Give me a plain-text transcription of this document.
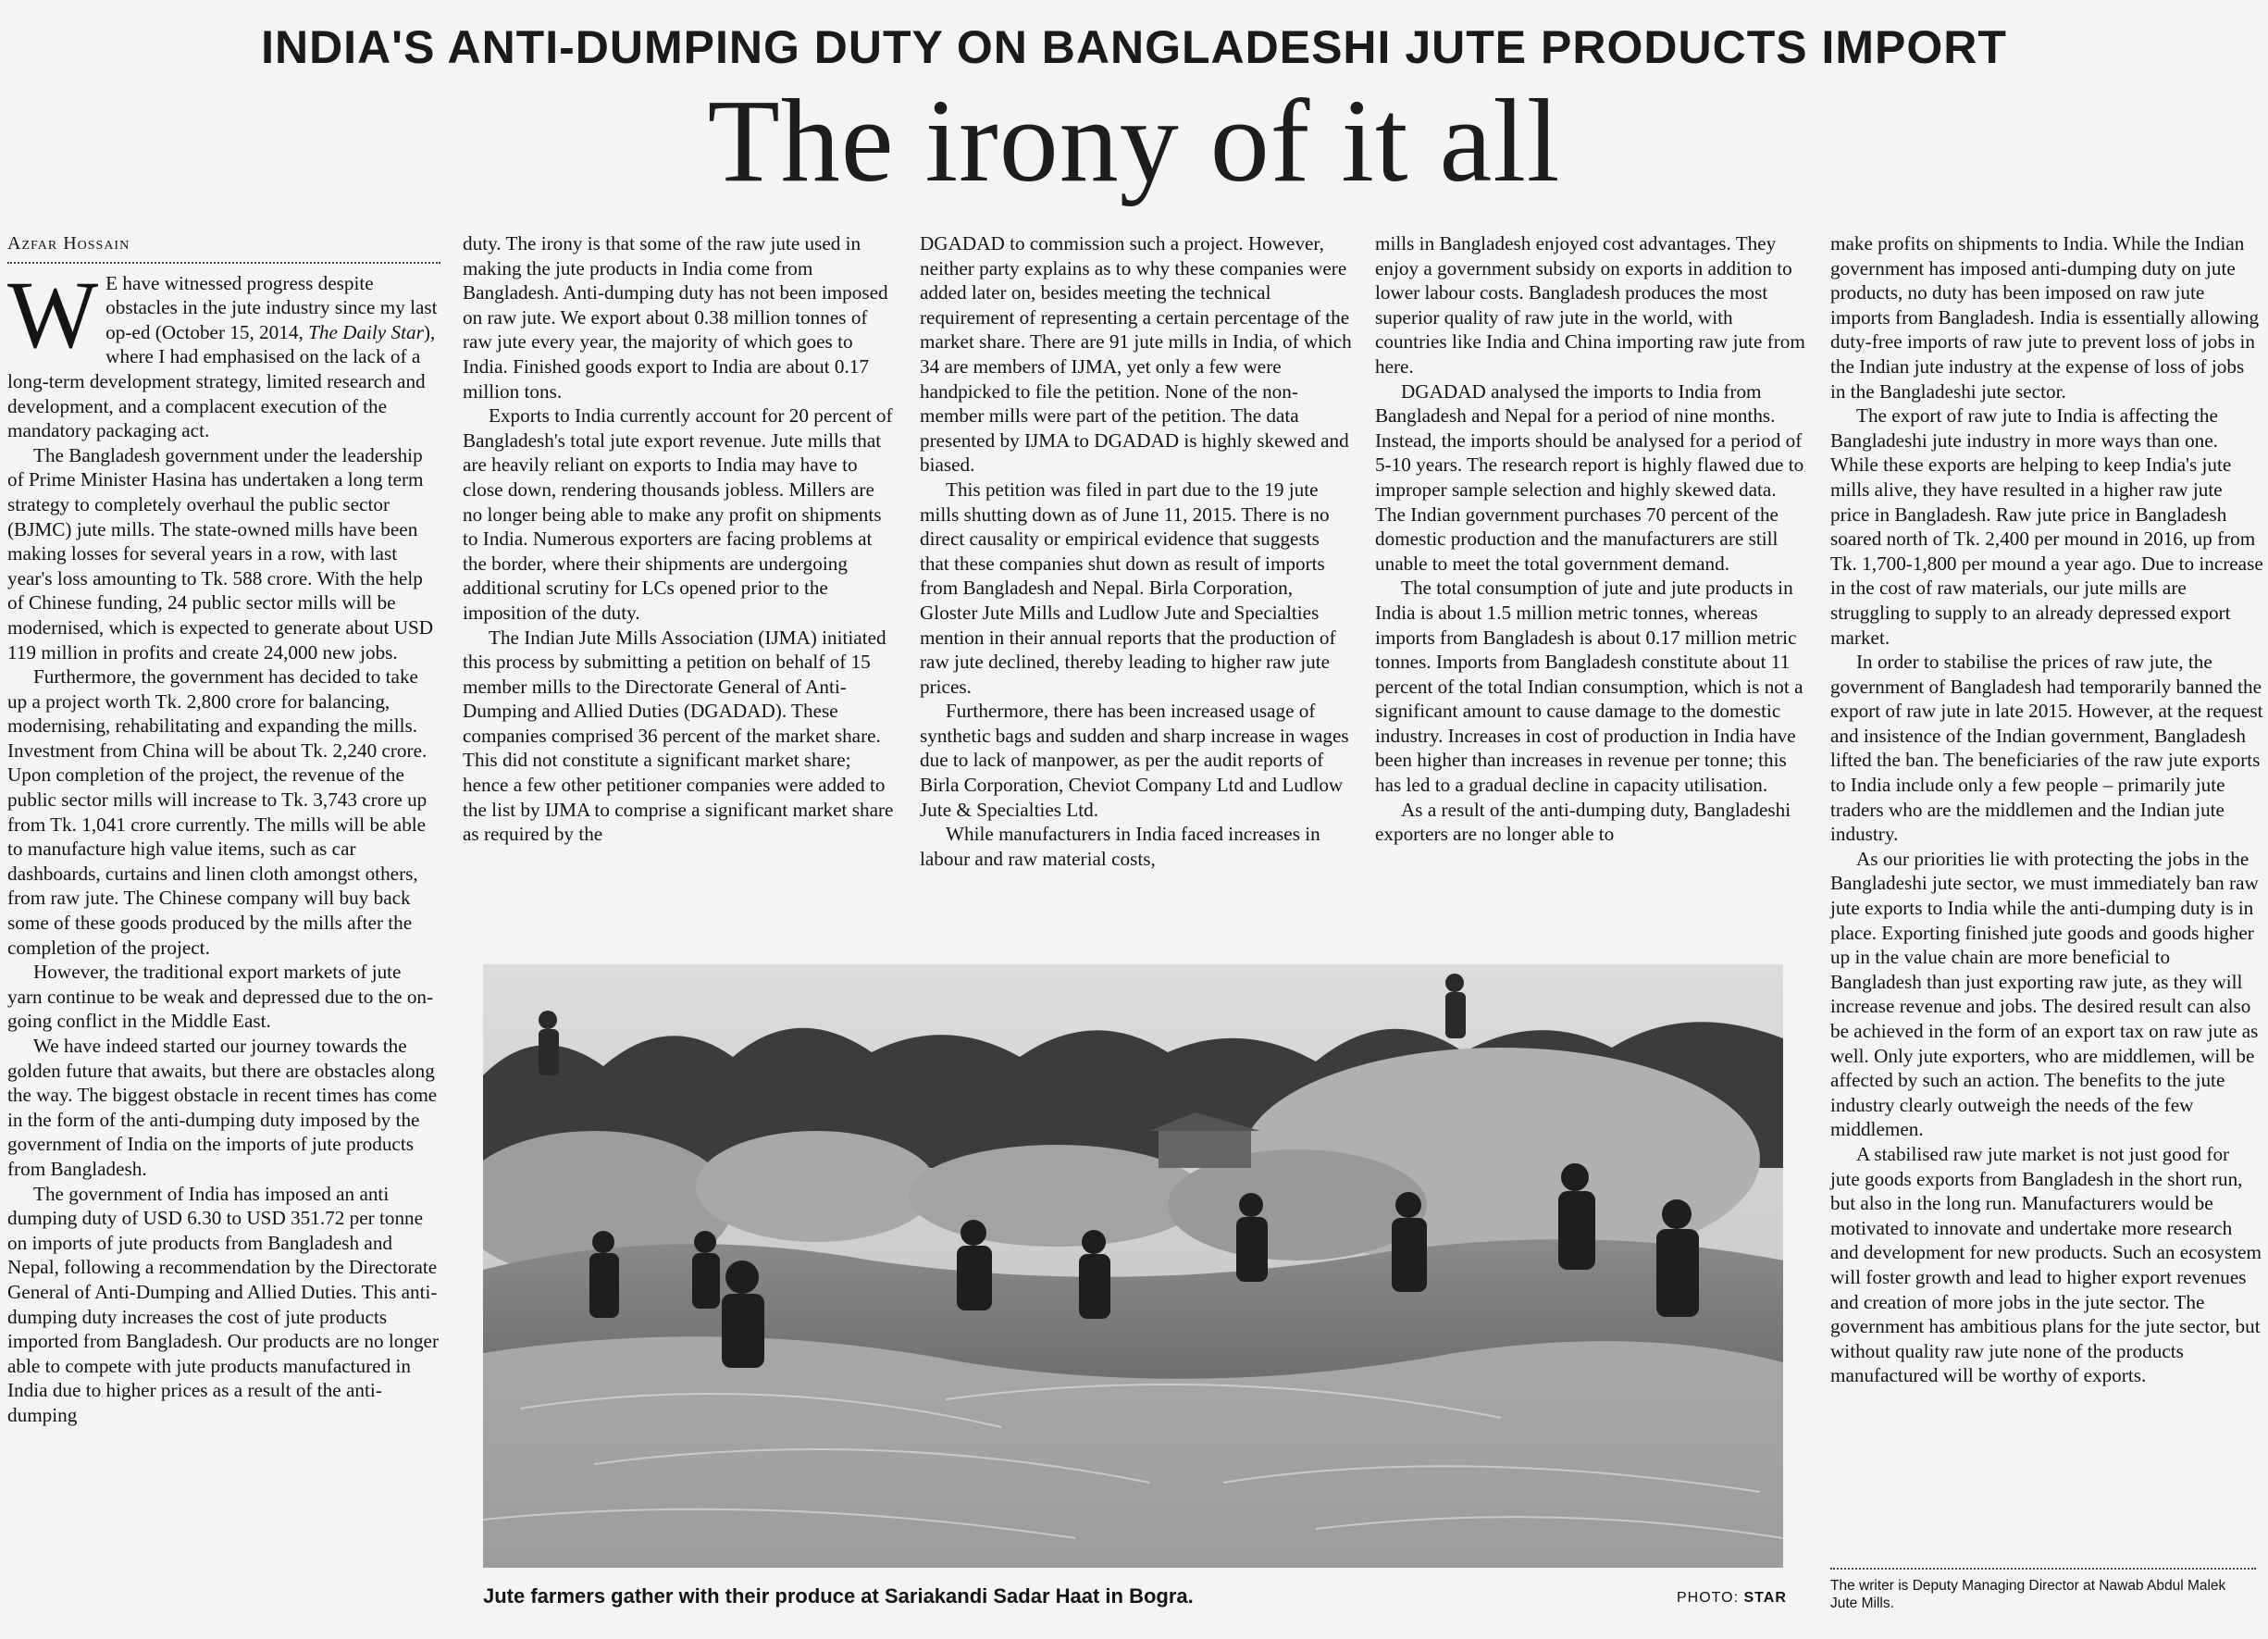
INDIA'S ANTI-DUMPING DUTY ON BANGLADESHI JUTE PRODUCTS IMPORT
The irony of it all
Azfar Hossain

W E have witnessed progress despite obstacles in the jute industry since my last op-ed (October 15, 2014, The Daily Star), where I had emphasised on the lack of a long-term development strategy, limited research and development, and a complacent execution of the mandatory packaging act.

The Bangladesh government under the leadership of Prime Minister Hasina has undertaken a long term strategy to completely overhaul the public sector (BJMC) jute mills. The state-owned mills have been making losses for several years in a row, with last year's loss amounting to Tk. 588 crore. With the help of Chinese funding, 24 public sector mills will be modernised, which is expected to generate about USD 119 million in profits and create 24,000 new jobs.

Furthermore, the government has decided to take up a project worth Tk. 2,800 crore for balancing, modernising, rehabilitating and expanding the mills. Investment from China will be about Tk. 2,240 crore. Upon completion of the project, the revenue of the public sector mills will increase to Tk. 3,743 crore up from Tk. 1,041 crore currently. The mills will be able to manufacture high value items, such as car dashboards, curtains and linen cloth amongst others, from raw jute. The Chinese company will buy back some of these goods produced by the mills after the completion of the project.

However, the traditional export markets of jute yarn continue to be weak and depressed due to the on-going conflict in the Middle East.

We have indeed started our journey towards the golden future that awaits, but there are obstacles along the way. The biggest obstacle in recent times has come in the form of the anti-dumping duty imposed by the government of India on the imports of jute products from Bangladesh.

The government of India has imposed an anti dumping duty of USD 6.30 to USD 351.72 per tonne on imports of jute products from Bangladesh and Nepal, following a recommendation by the Directorate General of Anti-Dumping and Allied Duties. This anti-dumping duty increases the cost of jute products imported from Bangladesh. Our products are no longer able to compete with jute products manufactured in India due to higher prices as a result of the anti-dumping

duty. The irony is that some of the raw jute used in making the jute products in India come from Bangladesh. Anti-dumping duty has not been imposed on raw jute. We export about 0.38 million tonnes of raw jute every year, the majority of which goes to India. Finished goods export to India are about 0.17 million tons.

Exports to India currently account for 20 percent of Bangladesh's total jute export revenue. Jute mills that are heavily reliant on exports to India may have to close down, rendering thousands jobless. Millers are no longer being able to make any profit on shipments to India. Numerous exporters are facing problems at the border, where their shipments are undergoing additional scrutiny for LCs opened prior to the imposition of the duty.

The Indian Jute Mills Association (IJMA) initiated this process by submitting a petition on behalf of 15 member mills to the Directorate General of Anti-Dumping and Allied Duties (DGADAD). These companies comprised 36 percent of the market share. This did not constitute a significant market share; hence a few other petitioner companies were added to the list by IJMA to comprise a significant market share as required by the

DGADAD to commission such a project. However, neither party explains as to why these companies were added later on, besides meeting the technical requirement of representing a certain percentage of the market share. There are 91 jute mills in India, of which 34 are members of IJMA, yet only a few were handpicked to file the petition. None of the non-member mills were part of the petition. The data presented by IJMA to DGADAD is highly skewed and biased.

This petition was filed in part due to the 19 jute mills shutting down as of June 11, 2015. There is no direct causality or empirical evidence that suggests that these companies shut down as result of imports from Bangladesh and Nepal. Birla Corporation, Gloster Jute Mills and Ludlow Jute and Specialties mention in their annual reports that the production of raw jute declined, thereby leading to higher raw jute prices.

Furthermore, there has been increased usage of synthetic bags and sudden and sharp increase in wages due to lack of manpower, as per the audit reports of Birla Corporation, Cheviot Company Ltd and Ludlow Jute & Specialties Ltd.

While manufacturers in India faced increases in labour and raw material costs,

mills in Bangladesh enjoyed cost advantages. They enjoy a government subsidy on exports in addition to lower labour costs. Bangladesh produces the most superior quality of raw jute in the world, with countries like India and China importing raw jute from here.

DGADAD analysed the imports to India from Bangladesh and Nepal for a period of nine months. Instead, the imports should be analysed for a period of 5-10 years. The research report is highly flawed due to improper sample selection and highly skewed data. The Indian government purchases 70 percent of the domestic production and the manufacturers are still unable to meet the total government demand.

The total consumption of jute and jute products in India is about 1.5 million metric tonnes, whereas imports from Bangladesh is about 0.17 million metric tonnes. Imports from Bangladesh constitute about 11 percent of the total Indian consumption, which is not a significant amount to cause damage to the domestic industry. Increases in cost of production in India have been higher than increases in revenue per tonne; this has led to a gradual decline in capacity utilisation.

As a result of the anti-dumping duty, Bangladeshi exporters are no longer able to

make profits on shipments to India. While the Indian government has imposed anti-dumping duty on jute products, no duty has been imposed on raw jute imports from Bangladesh. India is essentially allowing duty-free imports of raw jute to prevent loss of jobs in the Indian jute industry at the expense of loss of jobs in the Bangladeshi jute sector.

The export of raw jute to India is affecting the Bangladeshi jute industry in more ways than one. While these exports are helping to keep India's jute mills alive, they have resulted in a higher raw jute price in Bangladesh. Raw jute price in Bangladesh soared north of Tk. 2,400 per mound in 2016, up from Tk. 1,700-1,800 per mound a year ago. Due to increase in the cost of raw materials, our jute mills are struggling to supply to an already depressed export market.

In order to stabilise the prices of raw jute, the government of Bangladesh had temporarily banned the export of raw jute in late 2015. However, at the request and insistence of the Indian government, Bangladesh lifted the ban. The beneficiaries of the raw jute exports to India include only a few people – primarily jute traders who are the middlemen and the Indian jute industry.

As our priorities lie with protecting the jobs in the Bangladeshi jute sector, we must immediately ban raw jute exports to India while the anti-dumping duty is in place. Exporting finished jute goods and goods higher up in the value chain are more beneficial to Bangladesh than just exporting raw jute, as they will increase revenue and jobs. The desired result can also be achieved in the form of an export tax on raw jute as well. Only jute exporters, who are middlemen, will be affected by such an action. The benefits to the jute industry clearly outweigh the needs of the few middlemen.

A stabilised raw jute market is not just good for jute goods exports from Bangladesh in the short run, but also in the long run. Manufacturers would be motivated to innovate and undertake more research and development for new products. Such an ecosystem will foster growth and lead to higher export revenues and creation of more jobs in the jute sector. The government has ambitious plans for the jute sector, but without quality raw jute none of the products manufactured will be worthy of exports.

Jute farmers gather with their produce at Sariakandi Sadar Haat in Bogra.	PHOTO: STAR
The writer is Deputy Managing Director at Nawab Abdul Malek Jute Mills.
